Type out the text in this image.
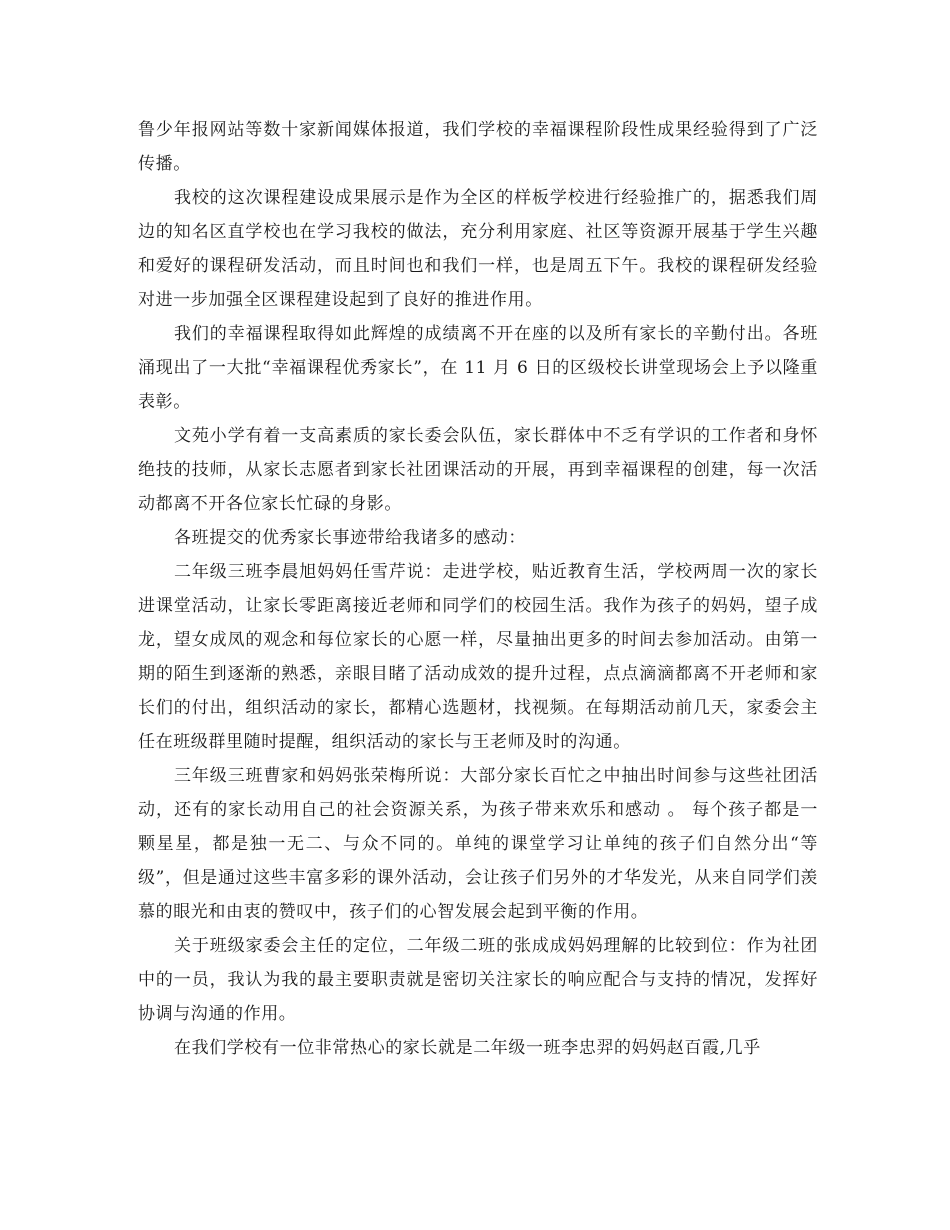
鲁少年报网站等数十家新闻媒体报道，我们学校的幸福课程阶段性成果经验得到了广泛传播。

我校的这次课程建设成果展示是作为全区的样板学校进行经验推广的，据悉我们周边的知名区直学校也在学习我校的做法，充分利用家庭、社区等资源开展基于学生兴趣和爱好的课程研发活动，而且时间也和我们一样，也是周五下午。我校的课程研发经验对进一步加强全区课程建设起到了良好的推进作用。

我们的幸福课程取得如此辉煌的成绩离不开在座的以及所有家长的辛勤付出。各班涌现出了一大批“幸福课程优秀家长”，在 11 月 6 日的区级校长讲堂现场会上予以隆重表彰。

文苑小学有着一支高素质的家长委会队伍，家长群体中不乏有学识的工作者和身怀绝技的技师，从家长志愿者到家长社团课活动的开展，再到幸福课程的创建，每一次活动都离不开各位家长忙碌的身影。

各班提交的优秀家长事迹带给我诸多的感动：

二年级三班李晨旭妈妈任雪芹说：走进学校，贴近教育生活，学校两周一次的家长进课堂活动，让家长零距离接近老师和同学们的校园生活。我作为孩子的妈妈，望子成龙，望女成凤的观念和每位家长的心愿一样，尽量抽出更多的时间去参加活动。由第一期的陌生到逐渐的熟悉，亲眼目睹了活动成效的提升过程，点点滴滴都离不开老师和家长们的付出，组织活动的家长，都精心选题材，找视频。在每期活动前几天，家委会主任在班级群里随时提醒，组织活动的家长与王老师及时的沟通。

三年级三班曹家和妈妈张荣梅所说：大部分家长百忙之中抽出时间参与这些社团活动，还有的家长动用自己的社会资源关系，为孩子带来欢乐和感动 。 每个孩子都是一颗星星，都是独一无二、与众不同的。单纯的课堂学习让单纯的孩子们自然分出“等级”，但是通过这些丰富多彩的课外活动，会让孩子们另外的才华发光，从来自同学们羡慕的眼光和由衷的赞叹中，孩子们的心智发展会起到平衡的作用。

关于班级家委会主任的定位，二年级二班的张成成妈妈理解的比较到位：作为社团中的一员，我认为我的最主要职责就是密切关注家长的响应配合与支持的情况，发挥好协调与沟通的作用。

在我们学校有一位非常热心的家长就是二年级一班李忠羿的妈妈赵百霞,几乎
